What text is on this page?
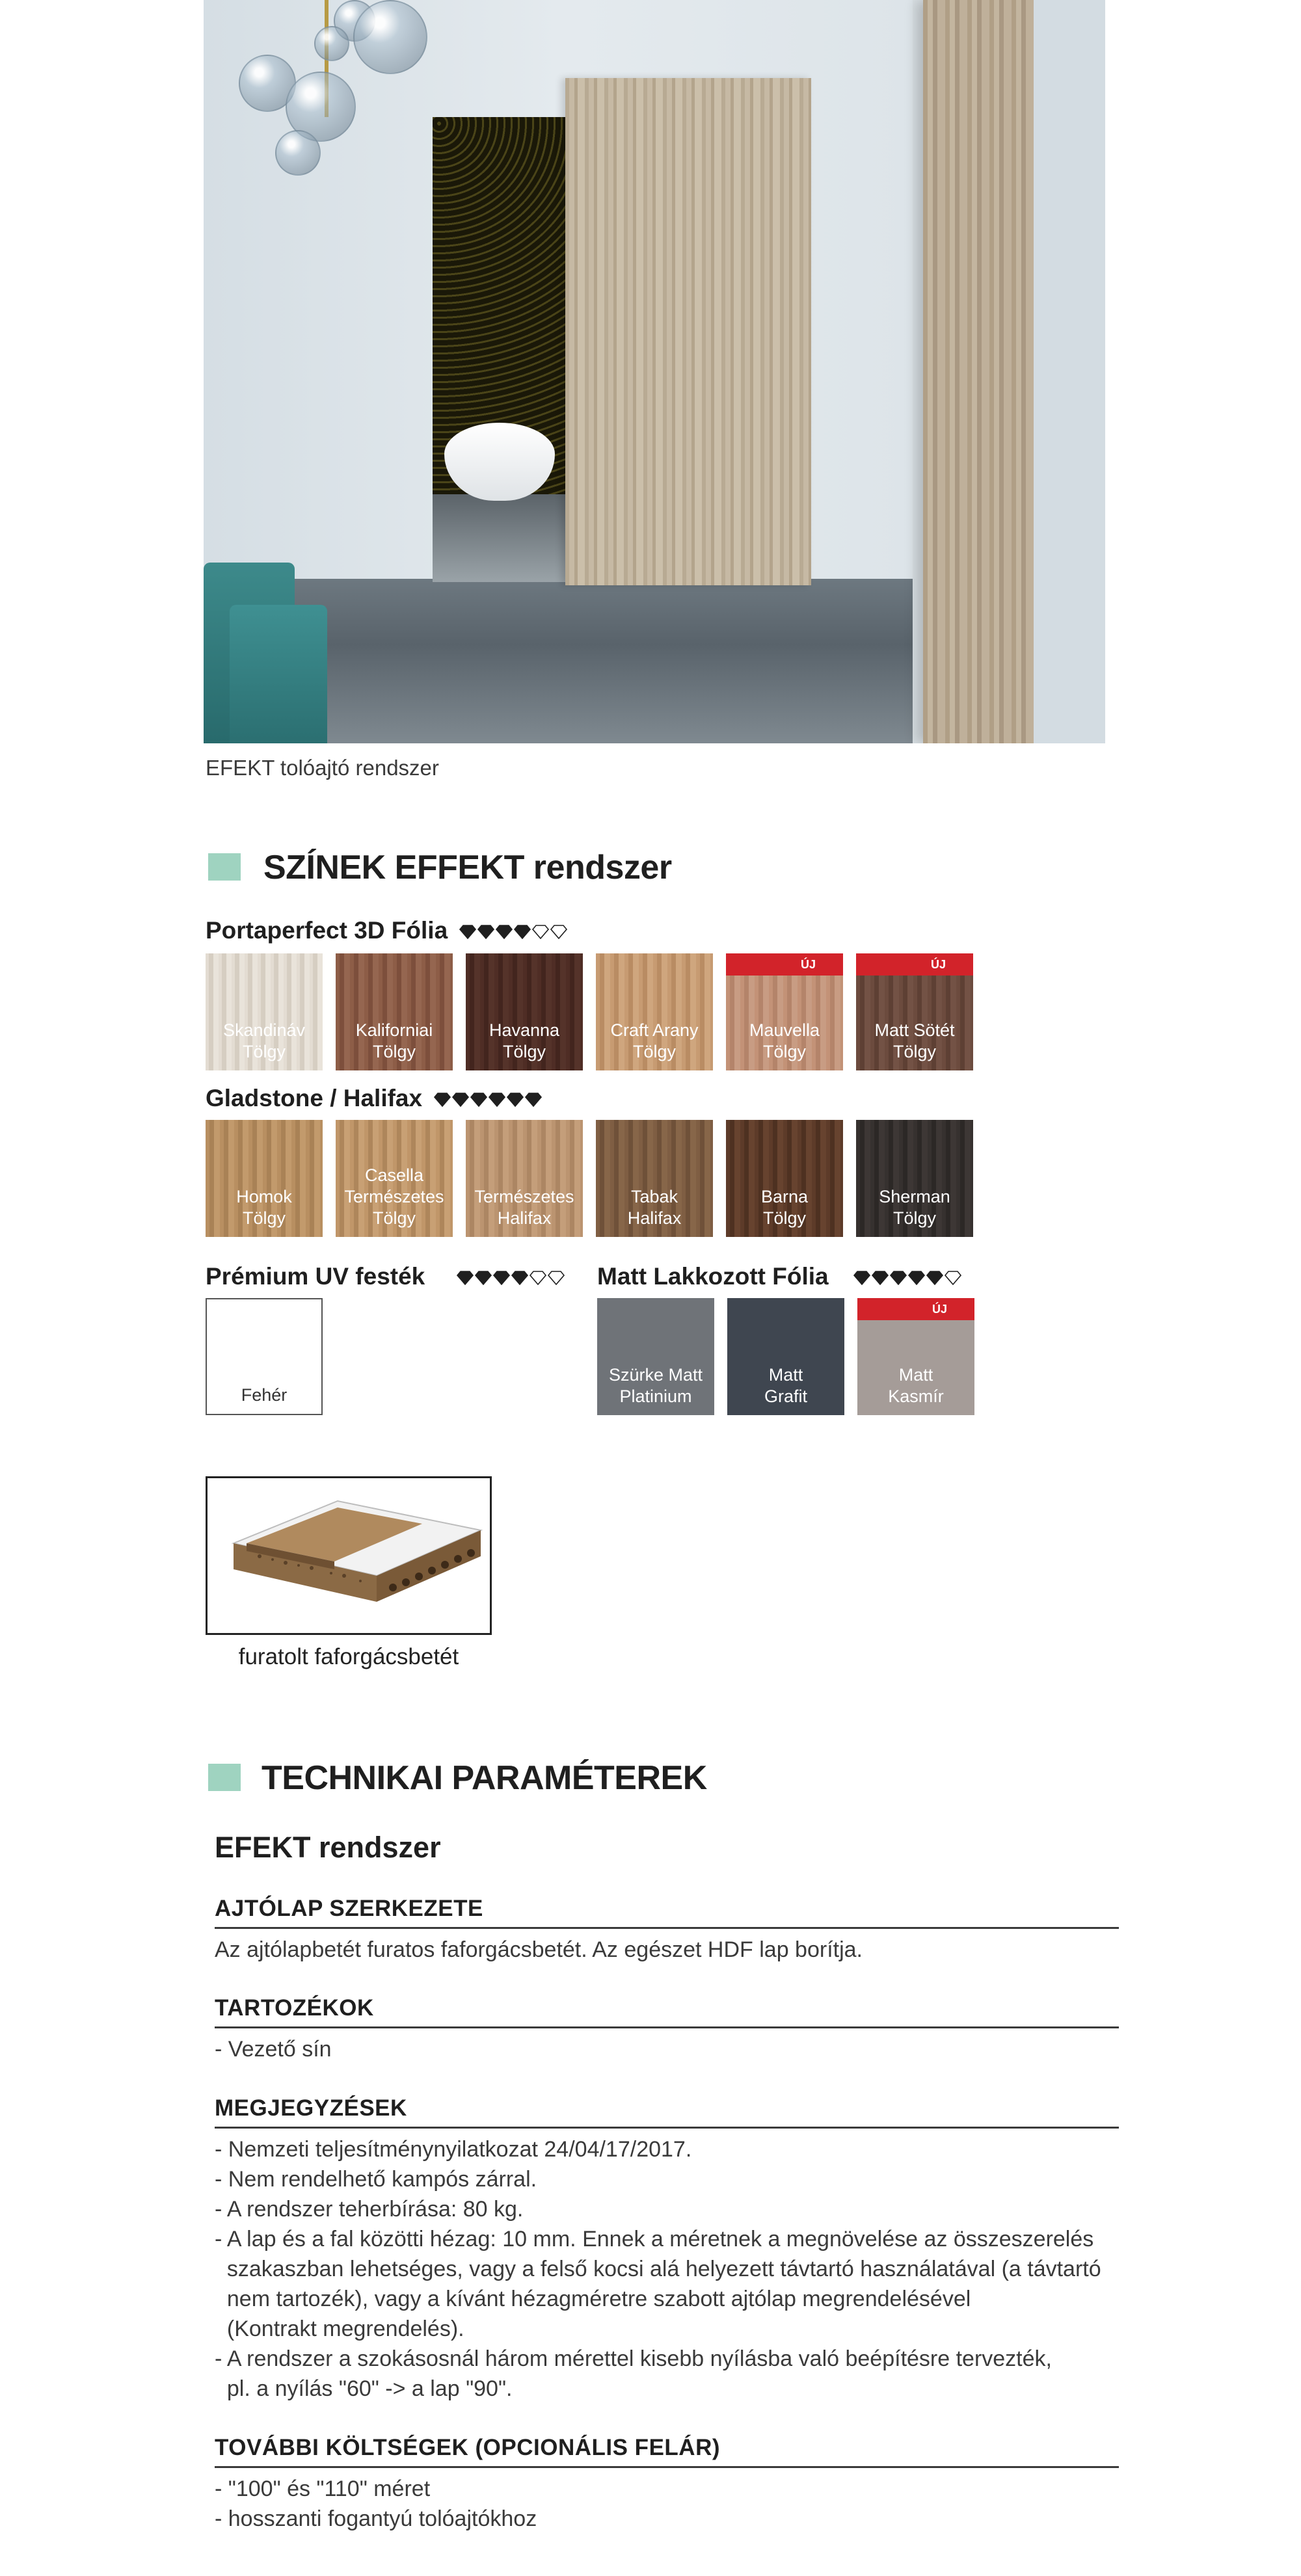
EFEKT tolóajtó rendszer
SZÍNEK EFFEKT rendszer
Portaperfect 3D Fólia
Gladstone / Halifax
Prémium UV festék	Matt Lakkozott Fólia
Skandináv
Tölgy
Kaliforniai
Tölgy
Havanna
Tölgy
Craft Arany
Tölgy
ÚJ
Mauvella
Tölgy
ÚJ
Matt Sötét
Tölgy
Homok
Tölgy
Casella
Természetes
Tölgy
Természetes
Halifax
Tabak
Halifax
Barna
Tölgy
Sherman
Tölgy
Fehér
Szürke Matt
Platinium
Matt
Grafit
ÚJ
Matt
Kasmír
furatolt faforgácsbetét
TECHNIKAI PARAMÉTEREK
EFEKT rendszer
AJTÓLAP SZERKEZETE
Az ajtólapbetét furatos faforgácsbetét. Az egészet HDF lap borítja.
TARTOZÉKOK
- Vezető sín
MEGJEGYZÉSEK
- Nemzeti teljesítménynyilatkozat 24/04/17/2017.
- Nem rendelhető kampós zárral.
- A rendszer teherbírása: 80 kg.
- A lap és a fal közötti hézag: 10 mm. Ennek a méretnek a megnövelése az összeszerelés
szakaszban lehetséges, vagy a felső kocsi alá helyezett távtartó használatával (a távtartó
nem tartozék), vagy a kívánt hézagméretre szabott ajtólap megrendelésével
(Kontrakt megrendelés).
- A rendszer a szokásosnál három mérettel kisebb nyílásba való beépítésre tervezték,
pl. a nyílás "60" -> a lap "90".
TOVÁBBI KÖLTSÉGEK (OPCIONÁLIS FELÁR)
- "100" és "110" méret
- hosszanti fogantyú tolóajtókhoz
